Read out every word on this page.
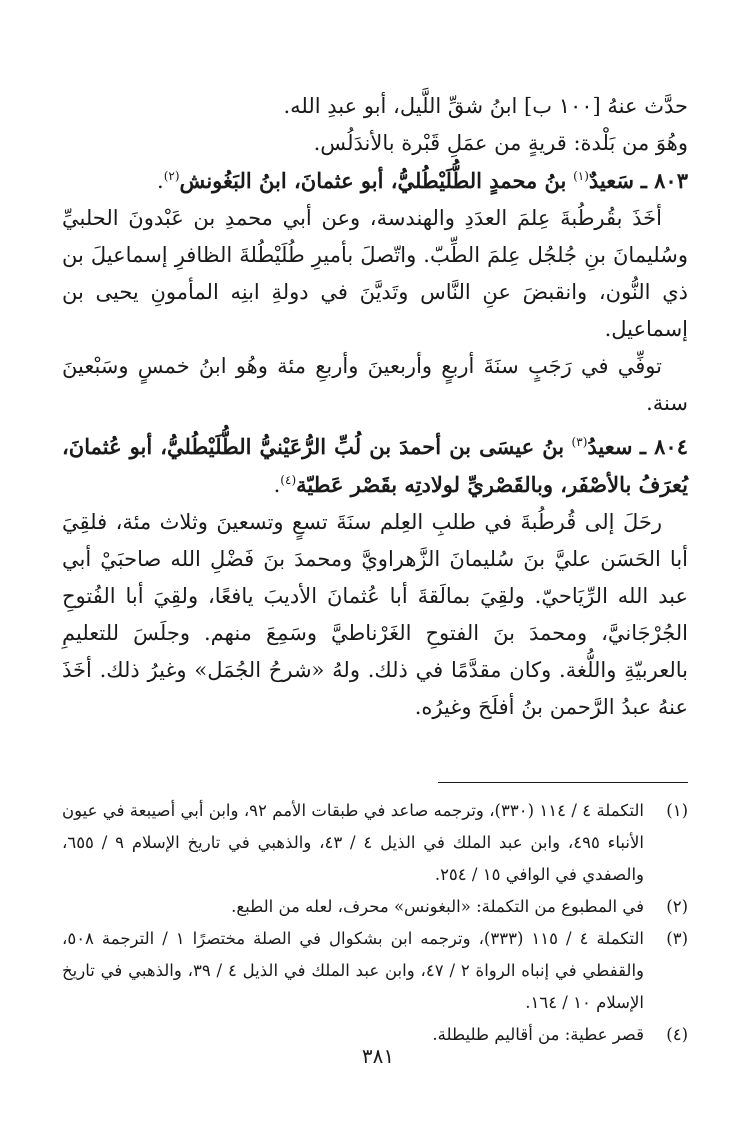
حدَّث عنهُ [١٠٠ ب] ابنُ شقِّ اللَّيل، أبو عبدِ الله.

وهُوَ من بَلْدة: قريةٍ من عمَلِ قَبْرة بالأندَلُس.

٨٠٣ ـ سَعيدٌ$^{(١)}$ بنُ محمدٍ الطُّلَيْطُليُّ، أبو عثمانَ، ابنُ البَغُونش$^{(٢)}$.

أخَذَ بقُرطُبةَ عِلمَ العدَدِ والهندسة، وعن أبي محمدِ بن عَبْدونَ الحلبيِّ وسُليمانَ بنِ جُلجُل عِلمَ الطِّبّ. واتّصلَ بأميرِ طُلَيْطُلةَ الظافرِ إسماعيلَ بن ذي النُّون، وانقبضَ عنِ النَّاس وتَديَّنَ في دولةِ ابنِه المأمونِ يحيى بن إسماعيل.

توفِّي في رَجَبٍ سنَةَ أربعٍ وأربعينَ وأربعِ مئة وهُو ابنُ خمسٍ وسَبْعينَ سنة.

٨٠٤ ـ سعيدُ$^{(٣)}$ بنُ عيسَى بن أحمدَ بن لُبِّ الرُّعَيْنيُّ الطُّلَيْطُليُّ، أبو عُثمانَ، يُعرَفُ بالأصْفَر، وبالقَصْريِّ لولادتِه بقَصْر عَطيّة$^{(٤)}$.

رحَلَ إلى قُرطُبةَ في طلبِ العِلم سنَةَ تسعٍ وتسعينَ وثلاث مئة، فلقِيَ أبا الحَسَن عليَّ بنَ سُليمانَ الزَّهراويَّ ومحمدَ بنَ فَضْلِ الله صاحبَيْ أبي عبد الله الرِّيَاحيّ. ولقِيَ بمالَقةَ أبا عُثمانَ الأديبَ يافعًا، ولقِيَ أبا الفُتوحِ الجُرْجَانيَّ، ومحمدَ بنَ الفتوحِ الغَرْناطيَّ وسَمِعَ منهم. وجلَسَ للتعليمِ بالعربيّةِ واللُّغة. وكان مقدَّمًا في ذلك. ولهُ «شرحُ الجُمَل» وغيرُ ذلك. أخَذَ عنهُ عبدُ الرَّحمن بنُ أفلَحَ وغيرُه.

(١)
التكملة ٤ / ١١٤ (٣٣٠)، وترجمه صاعد في طبقات الأمم ٩٢، وابن أبي أصيبعة في عيون الأنباء ٤٩٥، وابن عبد الملك في الذيل ٤ / ٤٣، والذهبي في تاريخ الإسلام ٩ / ٦٥٥، والصفدي في الوافي ١٥ / ٢٥٤.
(٢)
في المطبوع من التكملة: «البغونس» محرف، لعله من الطبع.
(٣)
التكملة ٤ / ١١٥ (٣٣٣)، وترجمه ابن بشكوال في الصلة مختصرًا ١ / الترجمة ٥٠٨، والقفطي في إنباه الرواة ٢ / ٤٧، وابن عبد الملك في الذيل ٤ / ٣٩، والذهبي في تاريخ الإسلام ١٠ / ١٦٤.
(٤)
قصر عطية: من أقاليم طليطلة.
٣٨١
